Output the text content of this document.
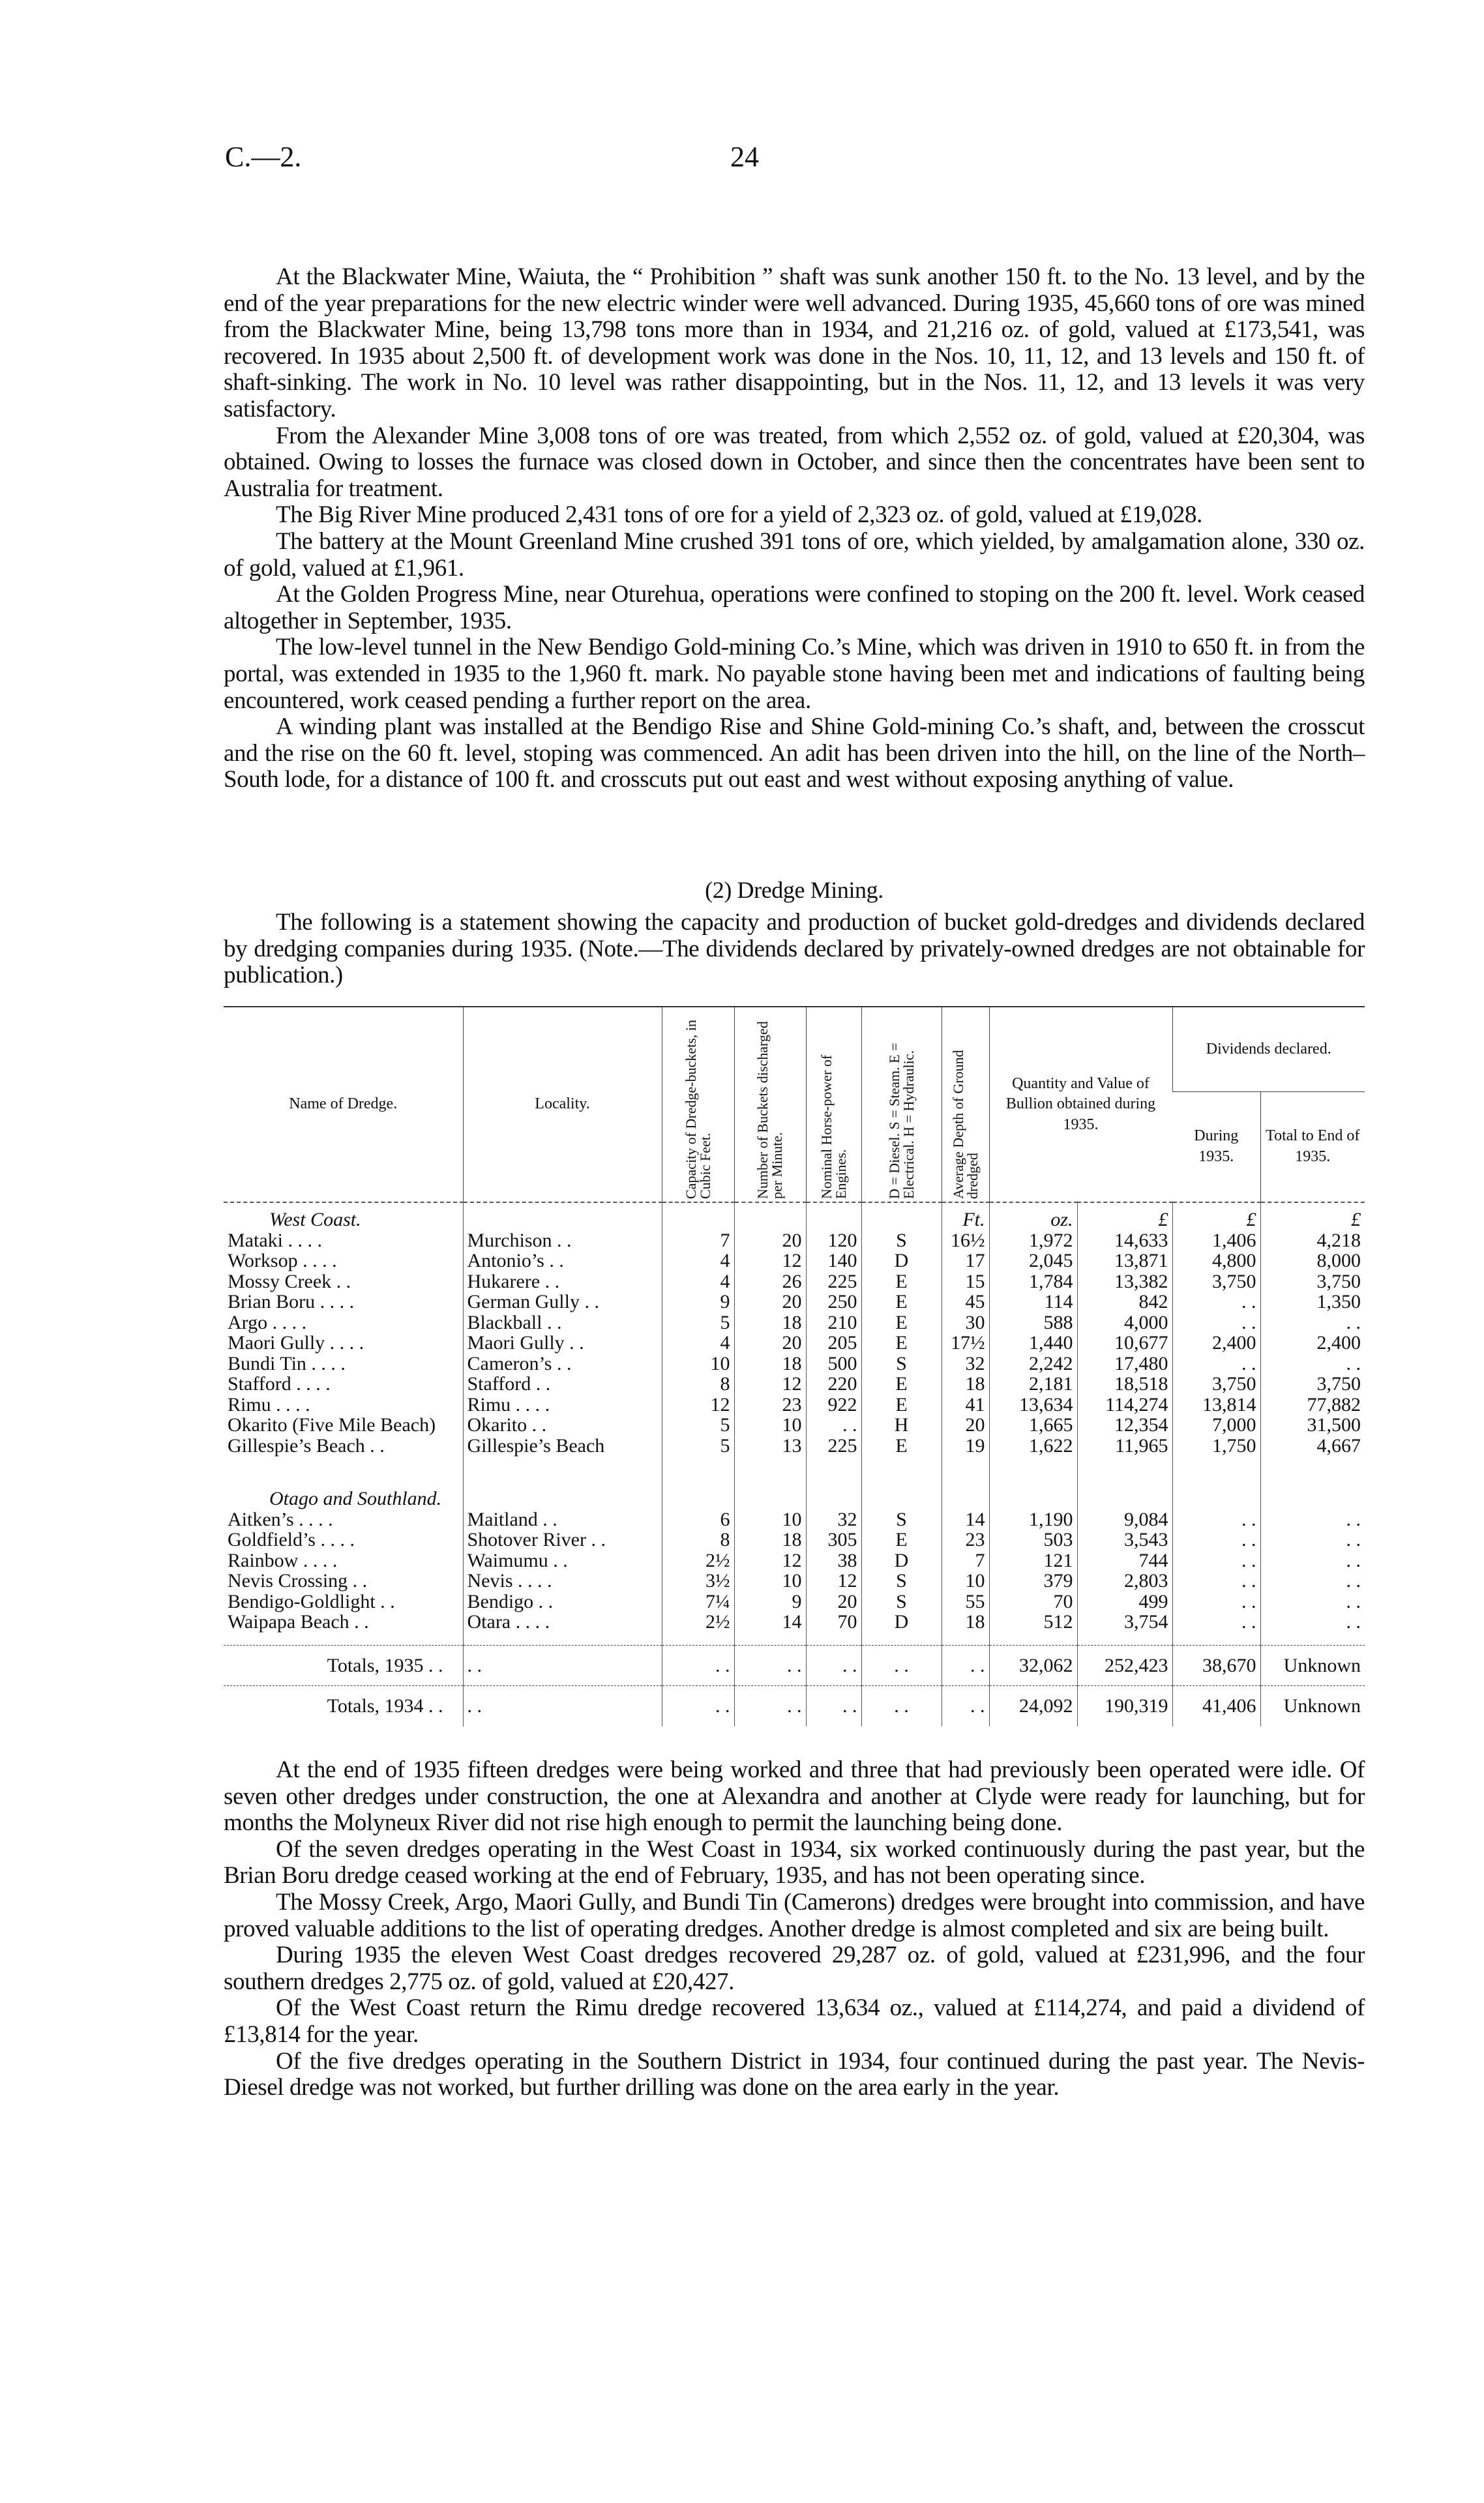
C.—2.	24

At the Blackwater Mine, Waiuta, the “ Prohibition ” shaft was sunk another 150 ft. to the No. 13 level, and by the end of the year preparations for the new electric winder were well advanced. During 1935, 45,660 tons of ore was mined from the Blackwater Mine, being 13,798 tons more than in 1934, and 21,216 oz. of gold, valued at £173,541, was recovered. In 1935 about 2,500 ft. of development work was done in the Nos. 10, 11, 12, and 13 levels and 150 ft. of shaft-sinking. The work in No. 10 level was rather disappointing, but in the Nos. 11, 12, and 13 levels it was very satisfactory.

From the Alexander Mine 3,008 tons of ore was treated, from which 2,552 oz. of gold, valued at £20,304, was obtained. Owing to losses the furnace was closed down in October, and since then the concentrates have been sent to Australia for treatment.

The Big River Mine produced 2,431 tons of ore for a yield of 2,323 oz. of gold, valued at £19,028.

The battery at the Mount Greenland Mine crushed 391 tons of ore, which yielded, by amalgamation alone, 330 oz. of gold, valued at £1,961.

At the Golden Progress Mine, near Oturehua, operations were confined to stoping on the 200 ft. level. Work ceased altogether in September, 1935.

The low-level tunnel in the New Bendigo Gold-mining Co.’s Mine, which was driven in 1910 to 650 ft. in from the portal, was extended in 1935 to the 1,960 ft. mark. No payable stone having been met and indications of faulting being encountered, work ceased pending a further report on the area.

A winding plant was installed at the Bendigo Rise and Shine Gold-mining Co.’s shaft, and, between the crosscut and the rise on the 60 ft. level, stoping was commenced. An adit has been driven into the hill, on the line of the North–South lode, for a distance of 100 ft. and crosscuts put out east and west without exposing anything of value.

(2) Dredge Mining.

The following is a statement showing the capacity and production of bucket gold-dredges and dividends declared by dredging companies during 1935. (Note.—The dividends declared by privately-owned dredges are not obtainable for publication.)

Name of Dredge.	Locality.	Capacity of Dredge-buckets, in Cubic Feet.	Number of Buckets discharged per Minute.	Nominal Horse-power of Engines.	D = Diesel. S = Steam. E = Electrical. H = Hydraulic.	Average Depth of Ground dredged	Quantity and Value of Bullion obtained during 1935.		Dividends declared.	
									During 1935.	Total to End of 1935.
West Coast.						Ft.	oz.	£	£	£
Mataki . . . .	Murchison . .	7	20	120	S	16½	1,972	14,633	1,406	4,218
Worksop . . . .	Antonio’s . .	4	12	140	D	17	2,045	13,871	4,800	8,000
Mossy Creek . .	Hukarere . .	4	26	225	E	15	1,784	13,382	3,750	3,750
Brian Boru . . . .	German Gully . .	9	20	250	E	45	114	842	. .	1,350
Argo . . . .	Blackball . .	5	18	210	E	30	588	4,000	. .	. .
Maori Gully . . . .	Maori Gully . .	4	20	205	E	17½	1,440	10,677	2,400	2,400
Bundi Tin . . . .	Cameron’s . .	10	18	500	S	32	2,242	17,480	. .	. .
Stafford . . . .	Stafford . .	8	12	220	E	18	2,181	18,518	3,750	3,750
Rimu . . . .	Rimu . . . .	12	23	922	E	41	13,634	114,274	13,814	77,882
Okarito (Five Mile Beach)	Okarito . .	5	10	. .	H	20	1,665	12,354	7,000	31,500
Gillespie’s Beach . .	Gillespie’s Beach	5	13	225	E	19	1,622	11,965	1,750	4,667

Otago and Southland.										
Aitken’s . . . .	Maitland . .	6	10	32	S	14	1,190	9,084	. .	. .
Goldfield’s . . . .	Shotover River . .	8	18	305	E	23	503	3,543	. .	. .
Rainbow . . . .	Waimumu . .	2½	12	38	D	7	121	744	. .	. .
Nevis Crossing . .	Nevis . . . .	3½	10	12	S	10	379	2,803	. .	. .
Bendigo-Goldlight . .	Bendigo . .	7¼	9	20	S	55	70	499	. .	. .
Waipapa Beach . .	Otara . . . .	2½	14	70	D	18	512	3,754	. .	. .

Totals, 1935 . .	. .	. .	. .	. .	. .	. .	32,062	252,423	38,670	Unknown
Totals, 1934 . .	. .	. .	. .	. .	. .	. .	24,092	190,319	41,406	Unknown

At the end of 1935 fifteen dredges were being worked and three that had previously been operated were idle. Of seven other dredges under construction, the one at Alexandra and another at Clyde were ready for launching, but for months the Molyneux River did not rise high enough to permit the launching being done.

Of the seven dredges operating in the West Coast in 1934, six worked continuously during the past year, but the Brian Boru dredge ceased working at the end of February, 1935, and has not been operating since.

The Mossy Creek, Argo, Maori Gully, and Bundi Tin (Camerons) dredges were brought into commission, and have proved valuable additions to the list of operating dredges. Another dredge is almost completed and six are being built.

During 1935 the eleven West Coast dredges recovered 29,287 oz. of gold, valued at £231,996, and the four southern dredges 2,775 oz. of gold, valued at £20,427.

Of the West Coast return the Rimu dredge recovered 13,634 oz., valued at £114,274, and paid a dividend of £13,814 for the year.

Of the five dredges operating in the Southern District in 1934, four continued during the past year. The Nevis-Diesel dredge was not worked, but further drilling was done on the area early in the year.
